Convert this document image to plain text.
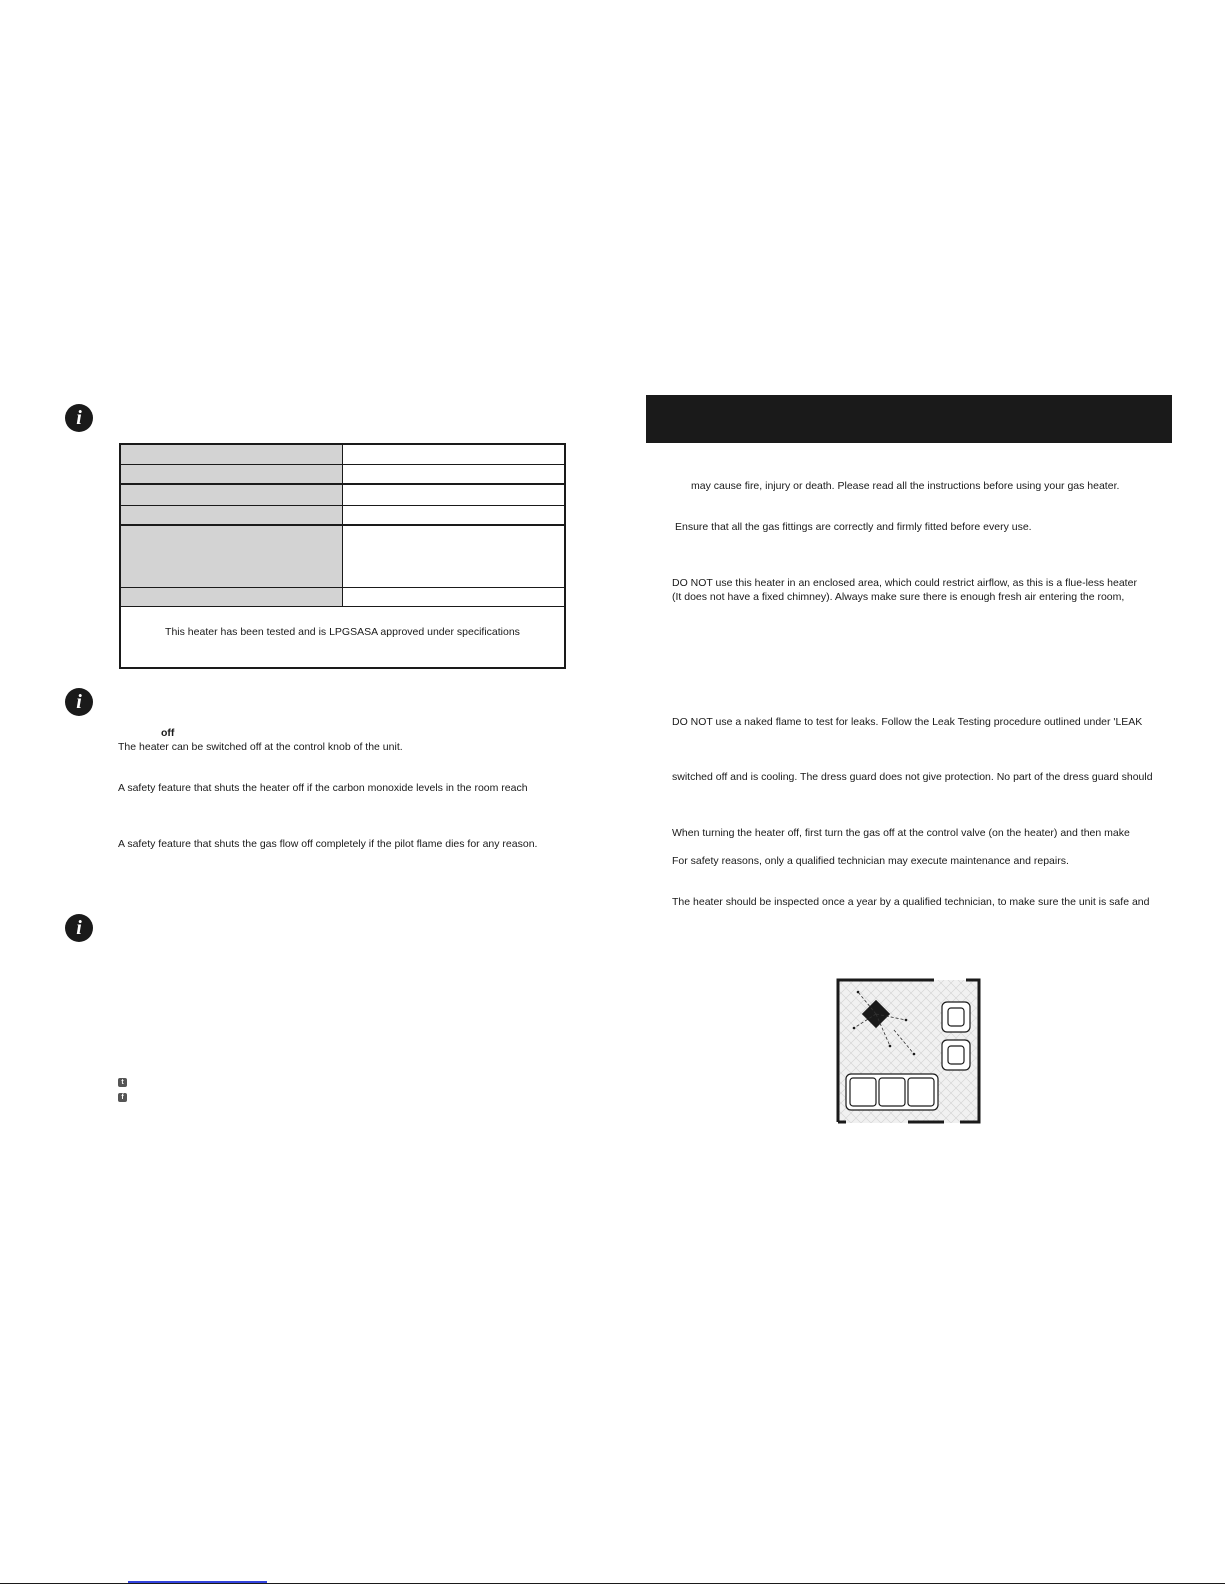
i
This heater has been tested and is LPGSASA approved under specifications
i
off
The heater can be switched off at the control knob of the unit.
A safety feature that shuts the heater off if the carbon monoxide levels in the room reach
A safety feature that shuts the gas flow off completely if the pilot flame dies for any reason.
i
t
f
may cause fire, injury or death. Please read all the instructions before using your gas heater.
Ensure that all the gas fittings are correctly and firmly fitted before every use.
DO NOT use this heater in an enclosed area, which could restrict airflow, as this is a flue-less heater
(It does not have a fixed chimney). Always make sure there is enough fresh air entering the room,
DO NOT use a naked flame to test for leaks. Follow the Leak Testing procedure outlined under 'LEAK
switched off and is cooling. The dress guard does not give protection. No part of the dress guard should
When turning the heater off, first turn the gas off at the control valve (on the heater) and then make
For safety reasons, only a qualified technician may execute maintenance and repairs.
The heater should be inspected once a year by a qualified technician, to make sure the unit is safe and
